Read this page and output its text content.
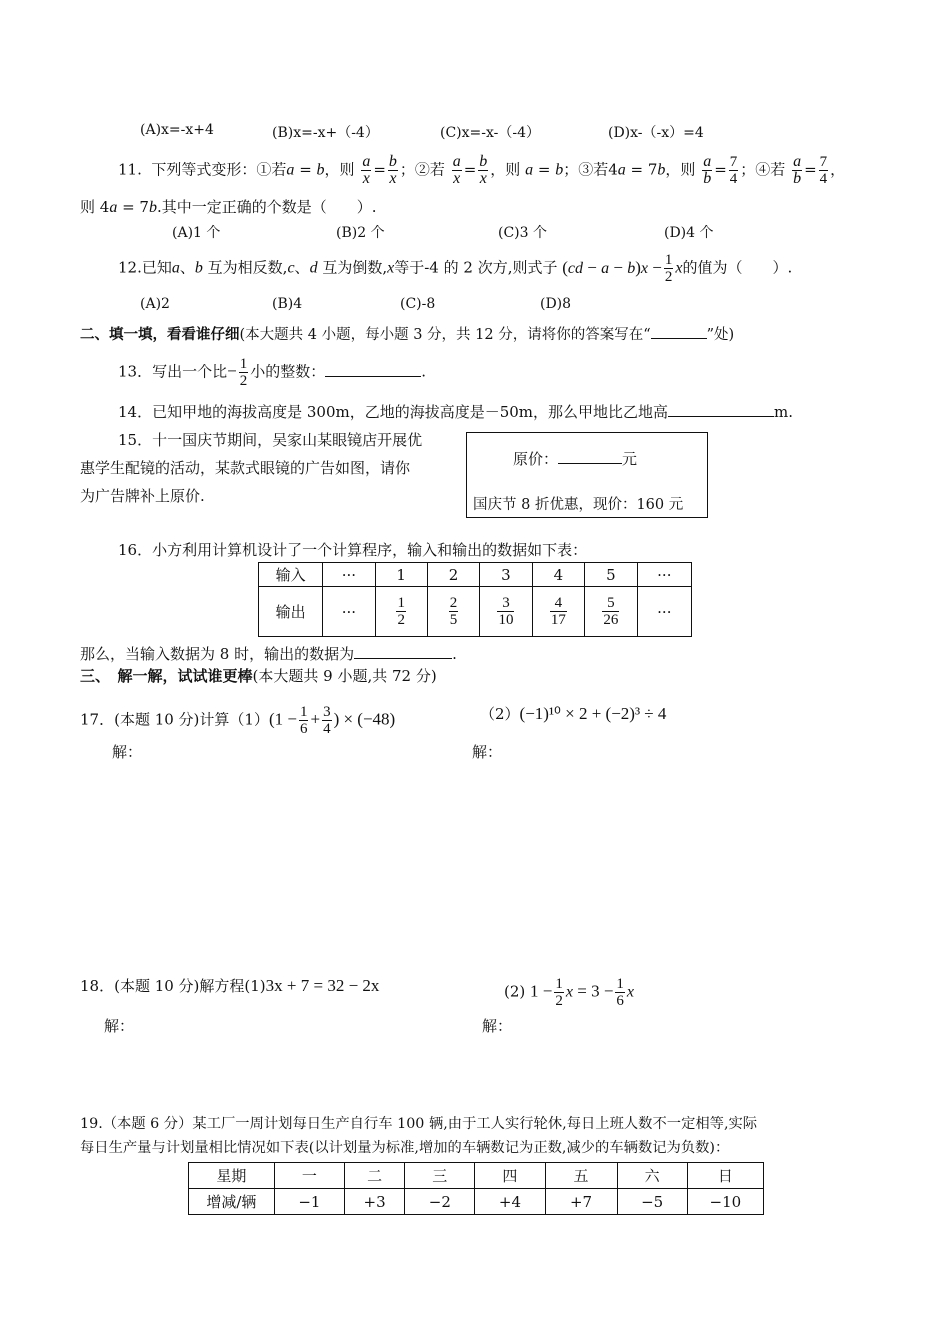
(A)x=-x+4	(B)x=-x+（-4）	(C)x=-x-（-4）	(D)x-（-x）=4
11. 下列等式变形：①若a = b，则 $\frac{a}{x} = \frac{b}{x}$ ；②若 $\frac{a}{x} = \frac{b}{x}$ ，则 a = b；③若4a = 7b，则 $\frac{a}{b} = \frac{7}{4}$ ；④若 $\frac{a}{b} = \frac{7}{4}$ ，
则 4a = 7b.其中一定正确的个数是（　　）.
(A)1 个	(B)2 个	(C)3 个	(D)4 个
12.已知a、b 互为相反数,c、d 互为倒数,x等于-4 的 2 次方,则式子 $(cd - a - b)x - \frac{1}{2}$ x的值为（　　）.
(A)2	(B)4	(C)-8	(D)8
二、填一填，看看谁仔细(本大题共 4 小题，每小题 3 分，共 12 分，请将你的答案写在“	”处)
13．写出一个比− $\frac{1}{2}$ 小的整数：	.
14．已知甲地的海拔高度是 300m，乙地的海拔高度是－50m，那么甲地比乙地高	m.
15．十一国庆节期间，吴家山某眼镜店开展优
惠学生配镜的活动，某款式眼镜的广告如图，请你
为广告牌补上原价.
原价：	元
国庆节 8 折优惠，现价：160 元
16．小方利用计算机设计了一个计算程序，输入和输出的数据如下表：
输入	···	1	2	3	4	5	···
输出	···	$\frac{1}{2}$	$\frac{2}{5}$	$\frac{3}{10}$	$\frac{4}{17}$	$\frac{5}{26}$	···
那么，当输入数据为 8 时，输出的数据为	.
三、　解一解，试试谁更棒(本大题共 9 小题,共 72 分)
17．(本题 10 分)计算$(1)(1 - \frac{1}{6} + \frac{3}{4}$ ) × (−48)	（2）(−1)¹⁰ × 2 + (−2)³ ÷ 4
解：	解：
18．(本题 10 分)解方程(1)3x + 7 = 32 − 2x	(2) $1 - \frac{1}{2}$ $x = 3 - \frac{1}{6}$ x
解：	解：
19.（本题 6 分）某工厂一周计划每日生产自行车 100 辆,由于工人实行轮休,每日上班人数不一定相等,实际
每日生产量与计划量相比情况如下表(以计划量为标准,增加的车辆数记为正数,减少的车辆数记为负数)：
星期	一	二	三	四	五	六	日
增减/辆	−1	+3	−2	+4	+7	−5	−10
